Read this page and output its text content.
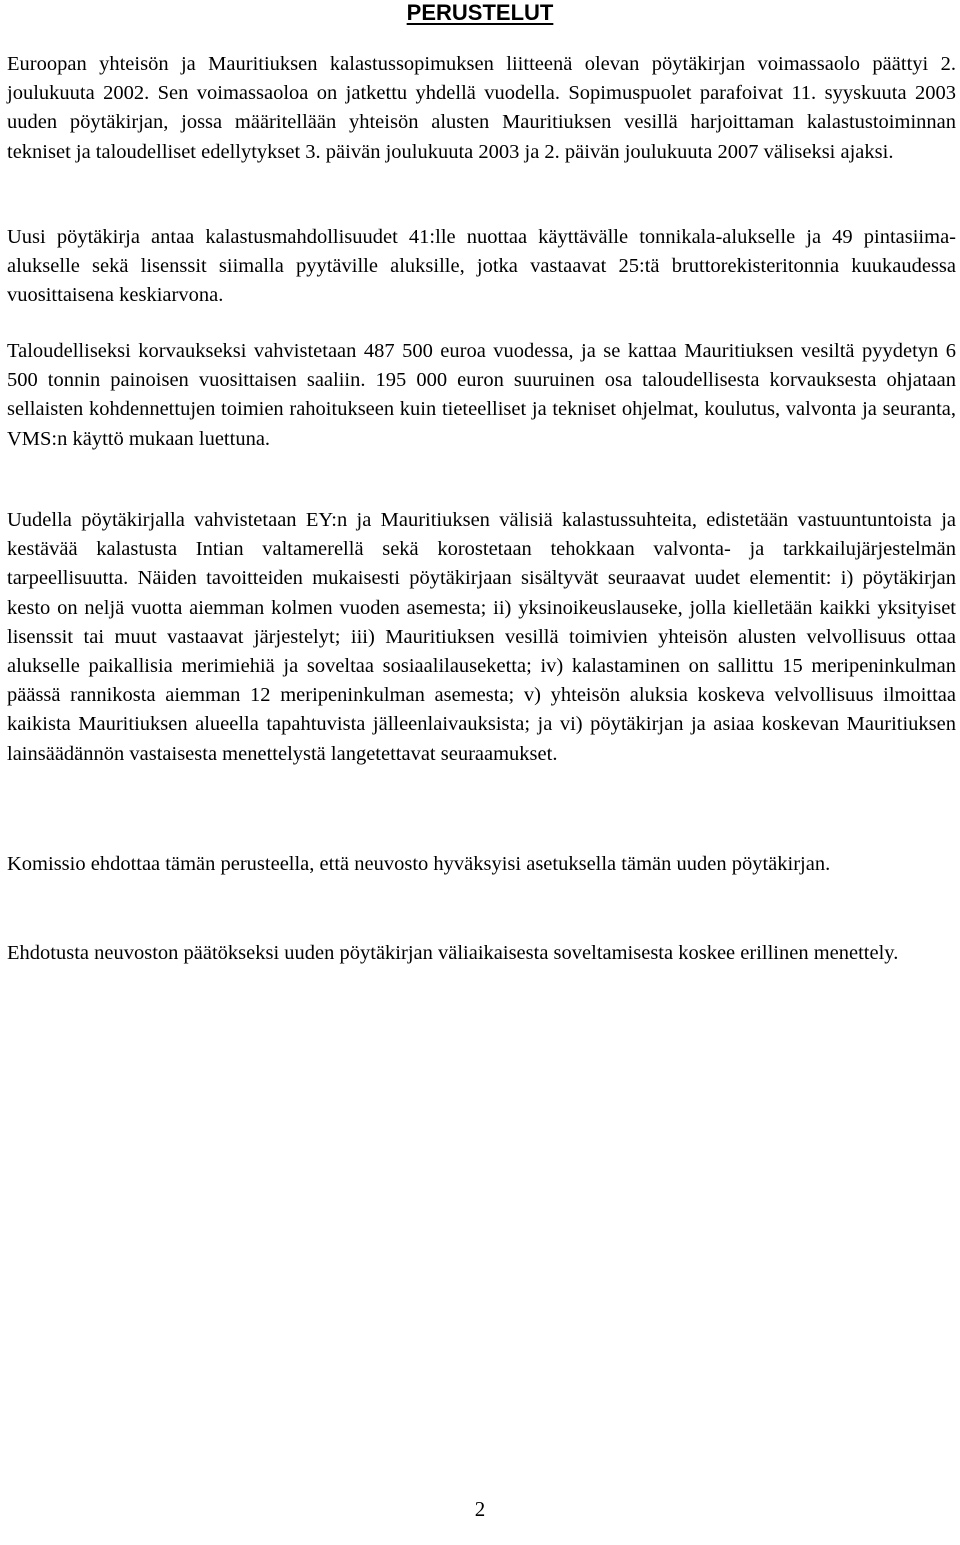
PERUSTELUT

Euroopan yhteisön ja Mauritiuksen kalastussopimuksen liitteenä olevan pöytäkirjan voimassaolo päättyi 2. joulukuuta 2002. Sen voimassaoloa on jatkettu yhdellä vuodella. Sopimuspuolet parafoivat 11. syyskuuta 2003 uuden pöytäkirjan, jossa määritellään yhteisön alusten Mauritiuksen vesillä harjoittaman kalastustoiminnan tekniset ja taloudelliset edellytykset 3. päivän joulukuuta 2003 ja 2. päivän joulukuuta 2007 väliseksi ajaksi.

Uusi pöytäkirja antaa kalastusmahdollisuudet 41:lle nuottaa käyttävälle tonnikala-alukselle ja 49 pintasiima-alukselle sekä lisenssit siimalla pyytäville aluksille, jotka vastaavat 25:tä bruttorekisteritonnia kuukaudessa vuosittaisena keskiarvona.

Taloudelliseksi korvaukseksi vahvistetaan 487 500 euroa vuodessa, ja se kattaa Mauritiuksen vesiltä pyydetyn 6 500 tonnin painoisen vuosittaisen saaliin. 195 000 euron suuruinen osa taloudellisesta korvauksesta ohjataan sellaisten kohdennettujen toimien rahoitukseen kuin tieteelliset ja tekniset ohjelmat, koulutus, valvonta ja seuranta, VMS:n käyttö mukaan luettuna.

Uudella pöytäkirjalla vahvistetaan EY:n ja Mauritiuksen välisiä kalastussuhteita, edistetään vastuuntuntoista ja kestävää kalastusta Intian valtamerellä sekä korostetaan tehokkaan valvonta- ja tarkkailujärjestelmän tarpeellisuutta. Näiden tavoitteiden mukaisesti pöytäkirjaan sisältyvät seuraavat uudet elementit: i) pöytäkirjan kesto on neljä vuotta aiemman kolmen vuoden asemesta; ii) yksinoikeuslauseke, jolla kielletään kaikki yksityiset lisenssit tai muut vastaavat järjestelyt; iii) Mauritiuksen vesillä toimivien yhteisön alusten velvollisuus ottaa alukselle paikallisia merimiehiä ja soveltaa sosiaalilauseketta; iv) kalastaminen on sallittu 15 meripeninkulman päässä rannikosta aiemman 12 meripeninkulman asemesta; v) yhteisön aluksia koskeva velvollisuus ilmoittaa kaikista Mauritiuksen alueella tapahtuvista jälleenlaivauksista; ja vi) pöytäkirjan ja asiaa koskevan Mauritiuksen lainsäädännön vastaisesta menettelystä langetettavat seuraamukset.

Komissio ehdottaa tämän perusteella, että neuvosto hyväksyisi asetuksella tämän uuden pöytäkirjan.

Ehdotusta neuvoston päätökseksi uuden pöytäkirjan väliaikaisesta soveltamisesta koskee erillinen menettely.

2
